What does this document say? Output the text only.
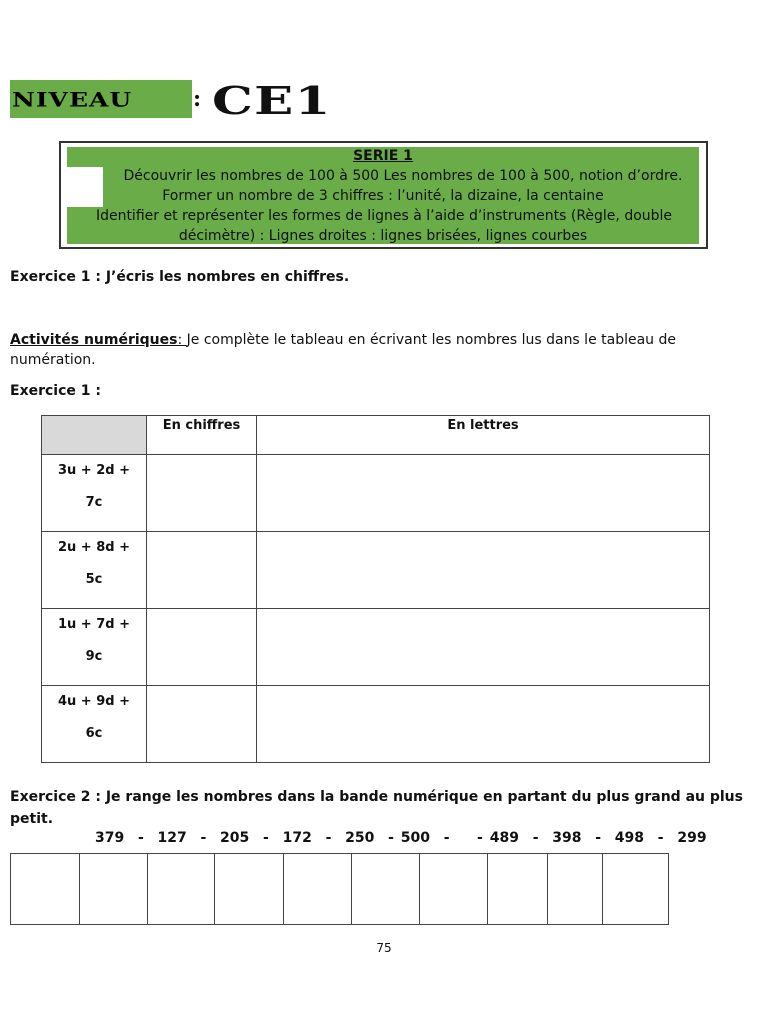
NIVEAU	: CE1
SERIE 1
Découvrir les nombres de 100 à 500 Les nombres de 100 à 500, notion d’ordre.
Former un nombre de 3 chiffres : l’unité, la dizaine, la centaine
Identifier et représenter les formes de lignes à l’aide d’instruments (Règle, double
décimètre) : Lignes droites : lignes brisées, lignes courbes
Exercice 1 : J’écris les nombres en chiffres.
Activités numériques: Je complète le tableau en écrivant les nombres lus dans le tableau de
numération.
Exercice 1 :
	En chiffres	En lettres

3u + 2d +
7c		

2u + 8d +
5c		

1u + 7d +
9c		

4u + 9d +
6c		

Exercice 2 : Je range les nombres dans la bande numérique en partant du plus grand au plus
petit.
379  -  127  -  205  -  172  -  250  - 500  -    - 489  -  398  -  498  -  299
75
